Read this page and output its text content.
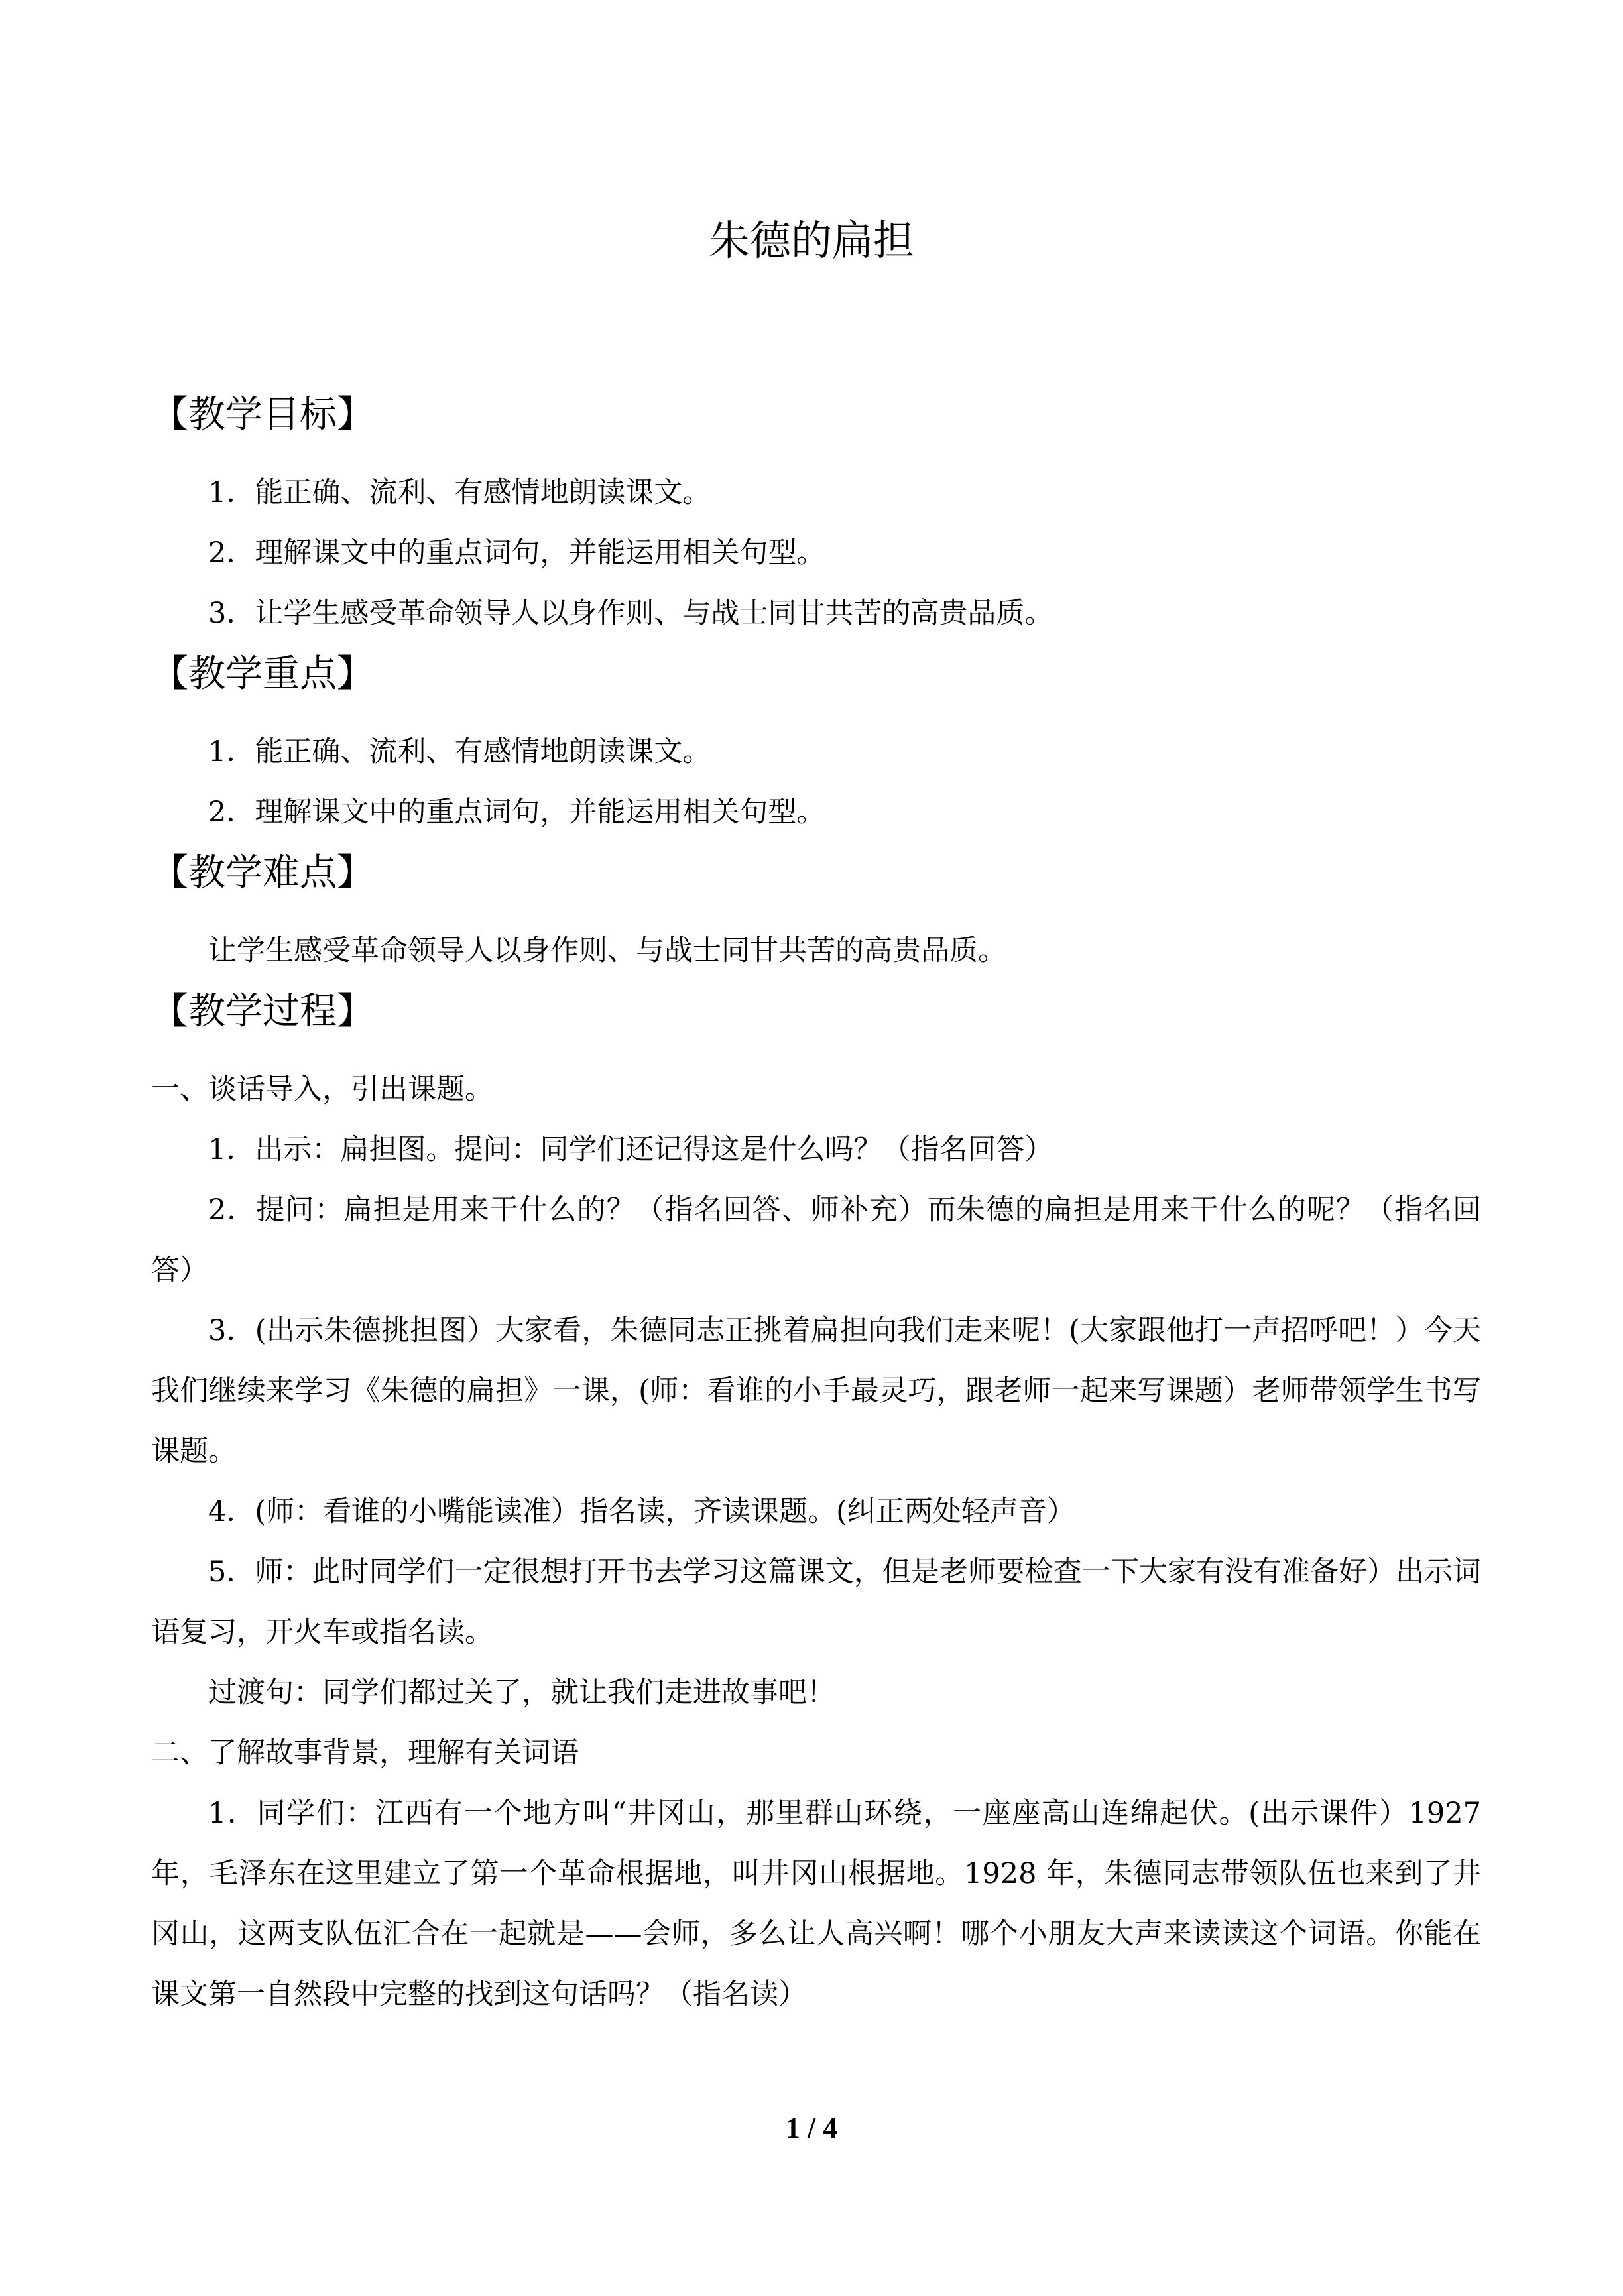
朱德的扁担
【教学目标】
1．能正确、流利、有感情地朗读课文。
2．理解课文中的重点词句，并能运用相关句型。
3．让学生感受革命领导人以身作则、与战士同甘共苦的高贵品质。
【教学重点】
1．能正确、流利、有感情地朗读课文。
2．理解课文中的重点词句，并能运用相关句型。
【教学难点】

让学生感受革命领导人以身作则、与战士同甘共苦的高贵品质。

【教学过程】

一、谈话导入，引出课题。

1．出示：扁担图。提问：同学们还记得这是什么吗？（指名回答）

2．提问：扁担是用来干什么的？（指名回答、师补充）而朱德的扁担是用来干什么的呢？（指名回答）

3．(出示朱德挑担图）大家看，朱德同志正挑着扁担向我们走来呢！(大家跟他打一声招呼吧！）今天我们继续来学习《朱德的扁担》一课，(师：看谁的小手最灵巧，跟老师一起来写课题）老师带领学生书写课题。

4．(师：看谁的小嘴能读准）指名读，齐读课题。(纠正两处轻声音）

5．师：此时同学们一定很想打开书去学习这篇课文，但是老师要检查一下大家有没有准备好）出示词语复习，开火车或指名读。

过渡句：同学们都过关了，就让我们走进故事吧！

二、了解故事背景，理解有关词语

1．同学们：江西有一个地方叫“井冈山，那里群山环绕，一座座高山连绵起伏。(出示课件）1927 年，毛泽东在这里建立了第一个革命根据地，叫井冈山根据地。1928 年，朱德同志带领队伍也来到了井冈山，这两支队伍汇合在一起就是——会师，多么让人高兴啊！哪个小朋友大声来读读这个词语。你能在课文第一自然段中完整的找到这句话吗？（指名读）

1 / 4
